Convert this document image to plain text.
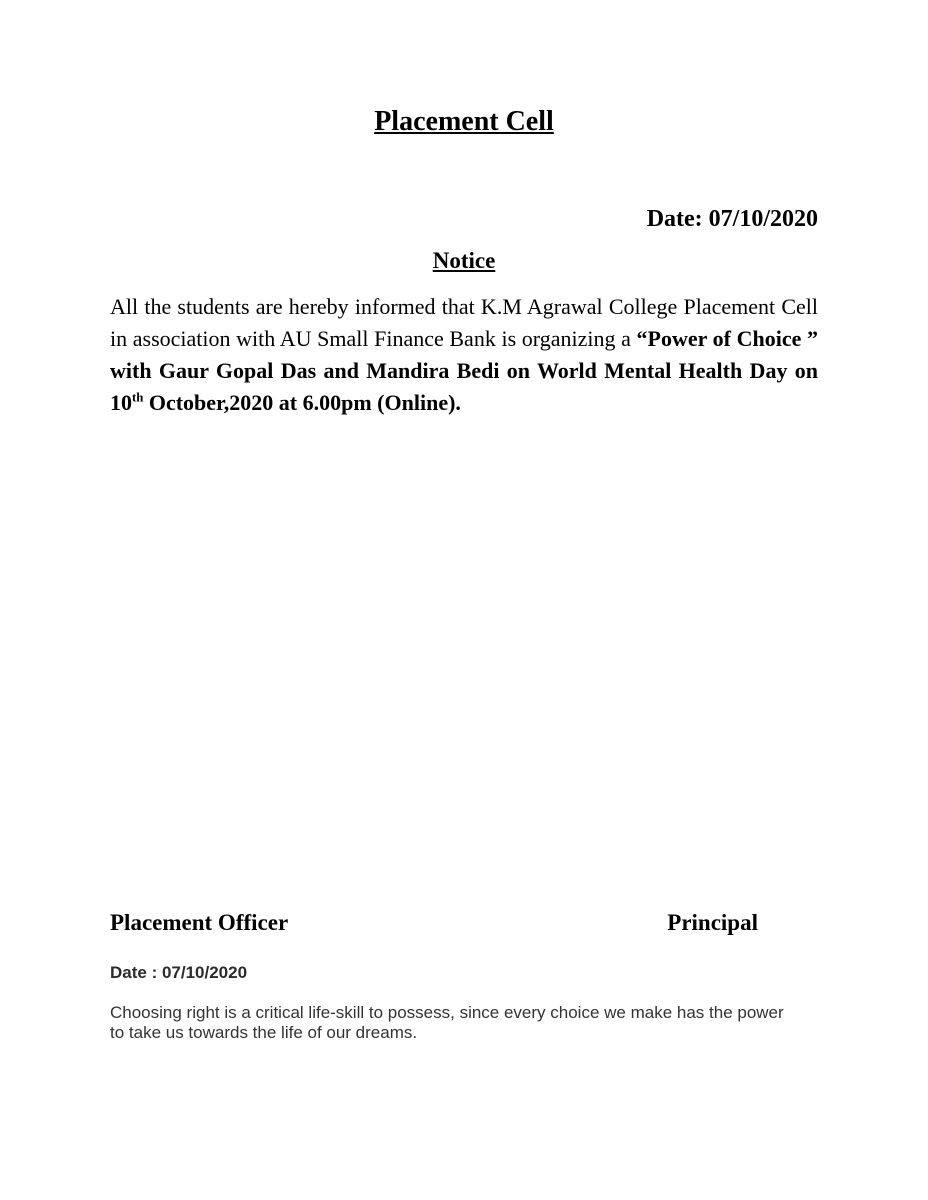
Placement Cell
Date: 07/10/2020
Notice

All the students are hereby informed that K.M Agrawal College Placement Cell in association with AU Small Finance Bank is organizing a “Power of Choice ” with Gaur Gopal Das and Mandira Bedi on World Mental Health Day on 10th October,2020 at 6.00pm (Online).

Placement Officer	Principal
Date : 07/10/2020

Choosing right is a critical life-skill to possess, since every choice we make has the power to take us towards the life of our dreams.
